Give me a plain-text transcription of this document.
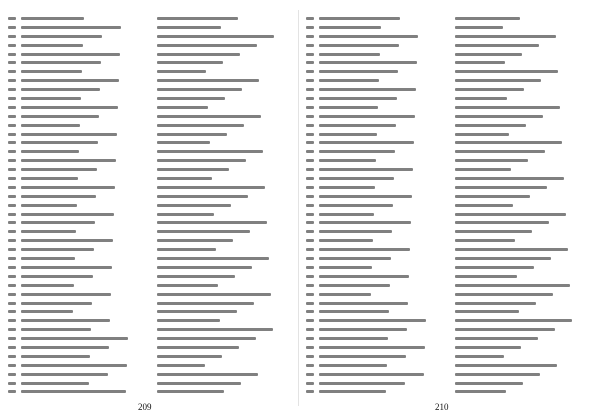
209	210
